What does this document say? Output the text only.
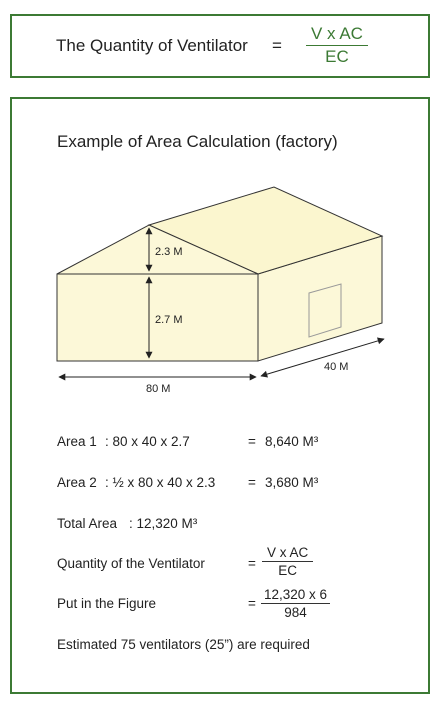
The Quantity of Ventilator =
V x AC
EC
Example of Area Calculation (factory)
2.3 M
2.7 M
80 M
40 M
Area 1 : 80 x 40 x 2.7	= 8,640 M³
Area 2 : ½ x 80 x 40 x 2.3 = 3,680 M³
Total Area : 12,320 M³
Quantity of the Ventilator	=
V x AC
EC
Put in the Figure	=
12,320 x 6
984
Estimated 75 ventilators (25”) are required
